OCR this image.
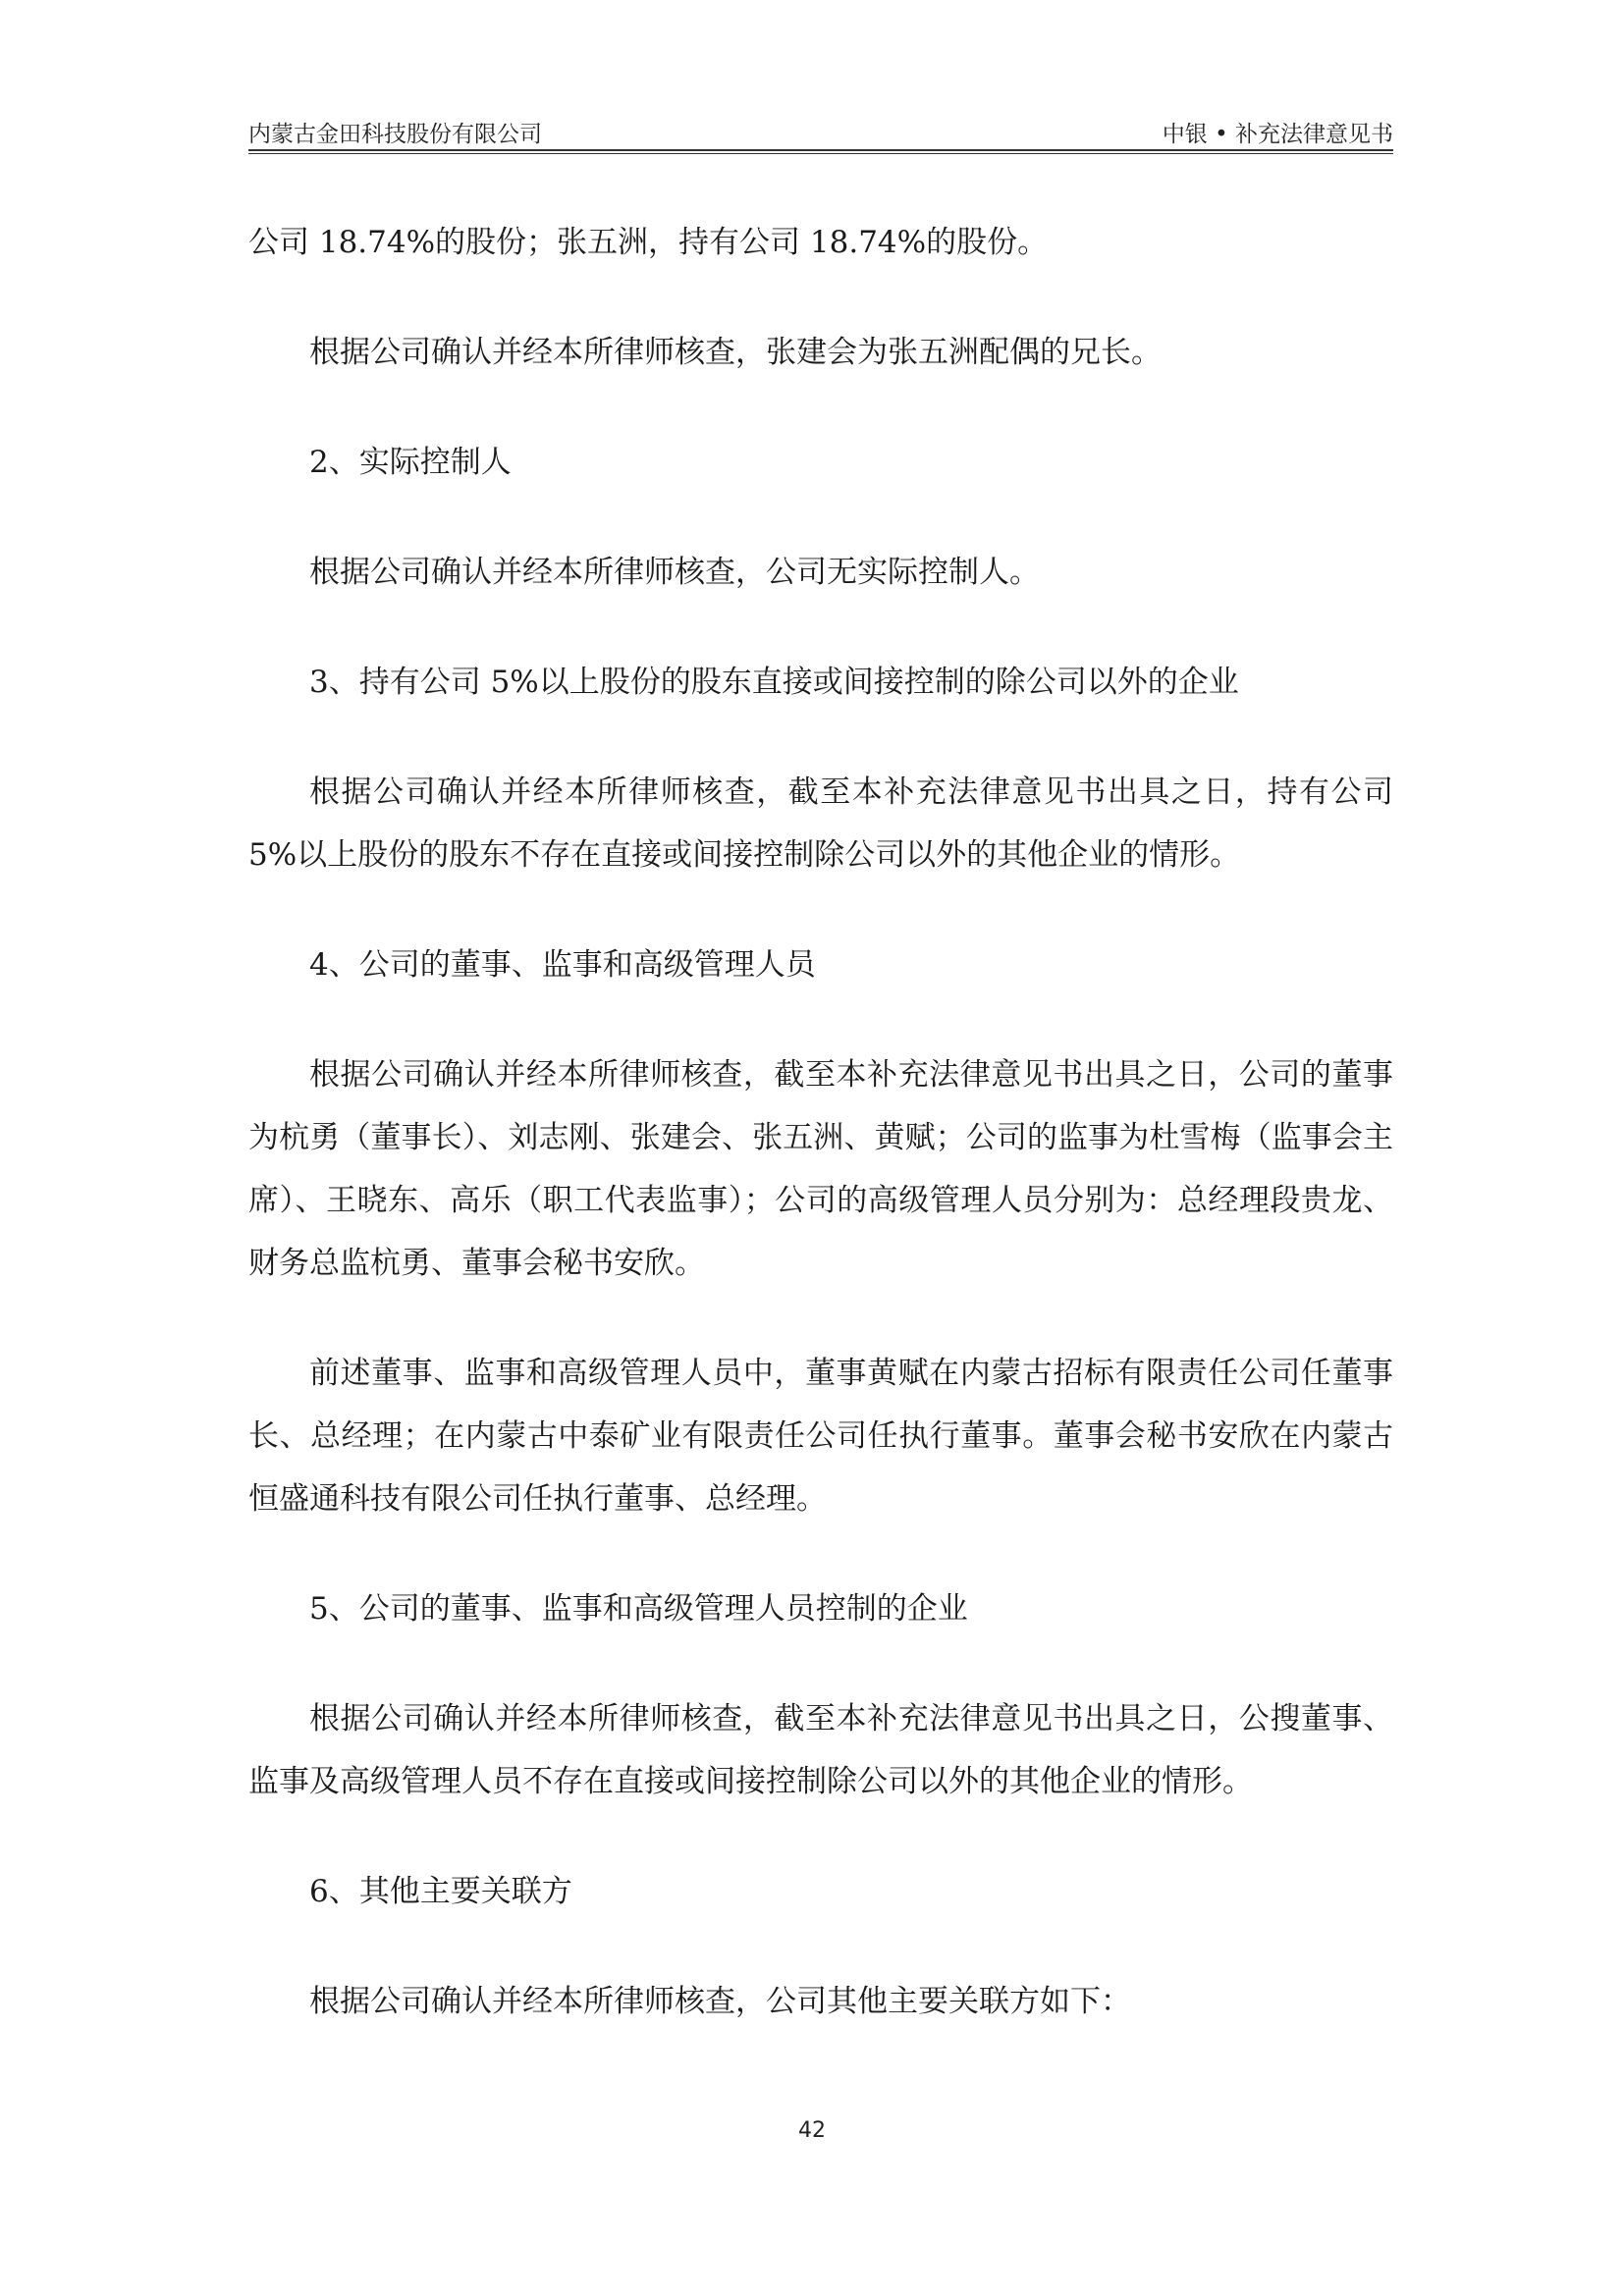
内蒙古金田科技股份有限公司	中银 • 补充法律意见书

公司 18.74%的股份；张五洲，持有公司 18.74%的股份。

根据公司确认并经本所律师核查，张建会为张五洲配偶的兄长。

2、实际控制人

根据公司确认并经本所律师核查，公司无实际控制人。

3、持有公司 5%以上股份的股东直接或间接控制的除公司以外的企业

根据公司确认并经本所律师核查，截至本补充法律意见书出具之日，持有公司 5%以上股份的股东不存在直接或间接控制除公司以外的其他企业的情形。

4、公司的董事、监事和高级管理人员

根据公司确认并经本所律师核查，截至本补充法律意见书出具之日，公司的董事为杭勇（董事长）、刘志刚、张建会、张五洲、黄赋；公司的监事为杜雪梅（监事会主席）、王晓东、高乐（职工代表监事）；公司的高级管理人员分别为：总经理段贵龙、财务总监杭勇、董事会秘书安欣。

前述董事、监事和高级管理人员中，董事黄赋在内蒙古招标有限责任公司任董事长、总经理；在内蒙古中泰矿业有限责任公司任执行董事。董事会秘书安欣在内蒙古恒盛通科技有限公司任执行董事、总经理。

5、公司的董事、监事和高级管理人员控制的企业

根据公司确认并经本所律师核查，截至本补充法律意见书出具之日，公搜董事、监事及高级管理人员不存在直接或间接控制除公司以外的其他企业的情形。

6、其他主要关联方

根据公司确认并经本所律师核查，公司其他主要关联方如下：

42
